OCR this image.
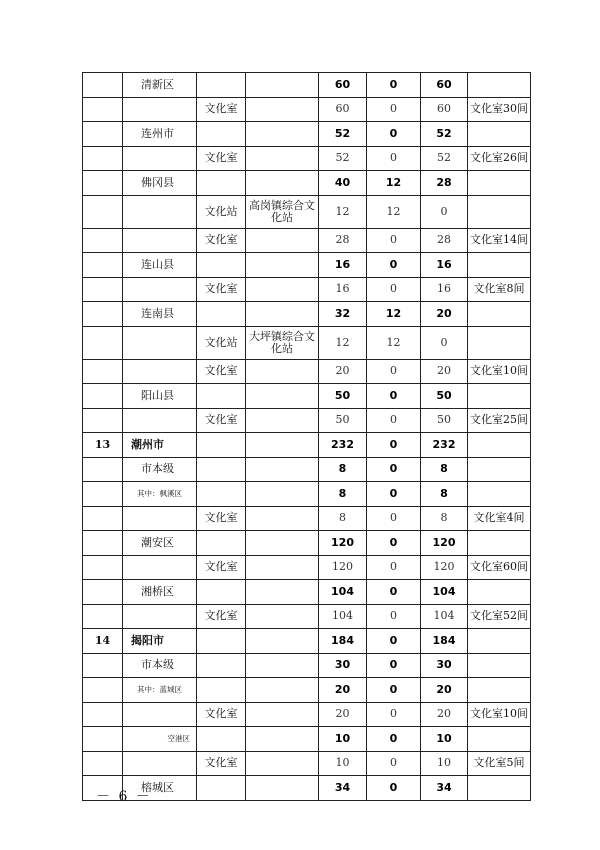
	清新区			60	0	60	
		文化室		60	0	60	文化室30间
	连州市			52	0	52	
		文化室		52	0	52	文化室26间
	佛冈县			40	12	28	
		文化站	高岗镇综合文化站	12	12	0	
		文化室		28	0	28	文化室14间
	连山县			16	0	16	
		文化室		16	0	16	文化室8间
	连南县			32	12	20	
		文化站	大坪镇综合文化站	12	12	0	
		文化室		20	0	20	文化室10间
	阳山县			50	0	50	
		文化室		50	0	50	文化室25间
13	潮州市			232	0	232	
	市本级			8	0	8	
	其中：枫溪区			8	0	8	
		文化室		8	0	8	文化室4间
	潮安区			120	0	120	
		文化室		120	0	120	文化室60间
	湘桥区			104	0	104	
		文化室		104	0	104	文化室52间
14	揭阳市			184	0	184	
	市本级			30	0	30	
	其中：蓝城区			20	0	20	
		文化室		20	0	20	文化室10间
	空港区			10	0	10	
		文化室		10	0	10	文化室5间
	榕城区			34	0	34	
－ 6 －
